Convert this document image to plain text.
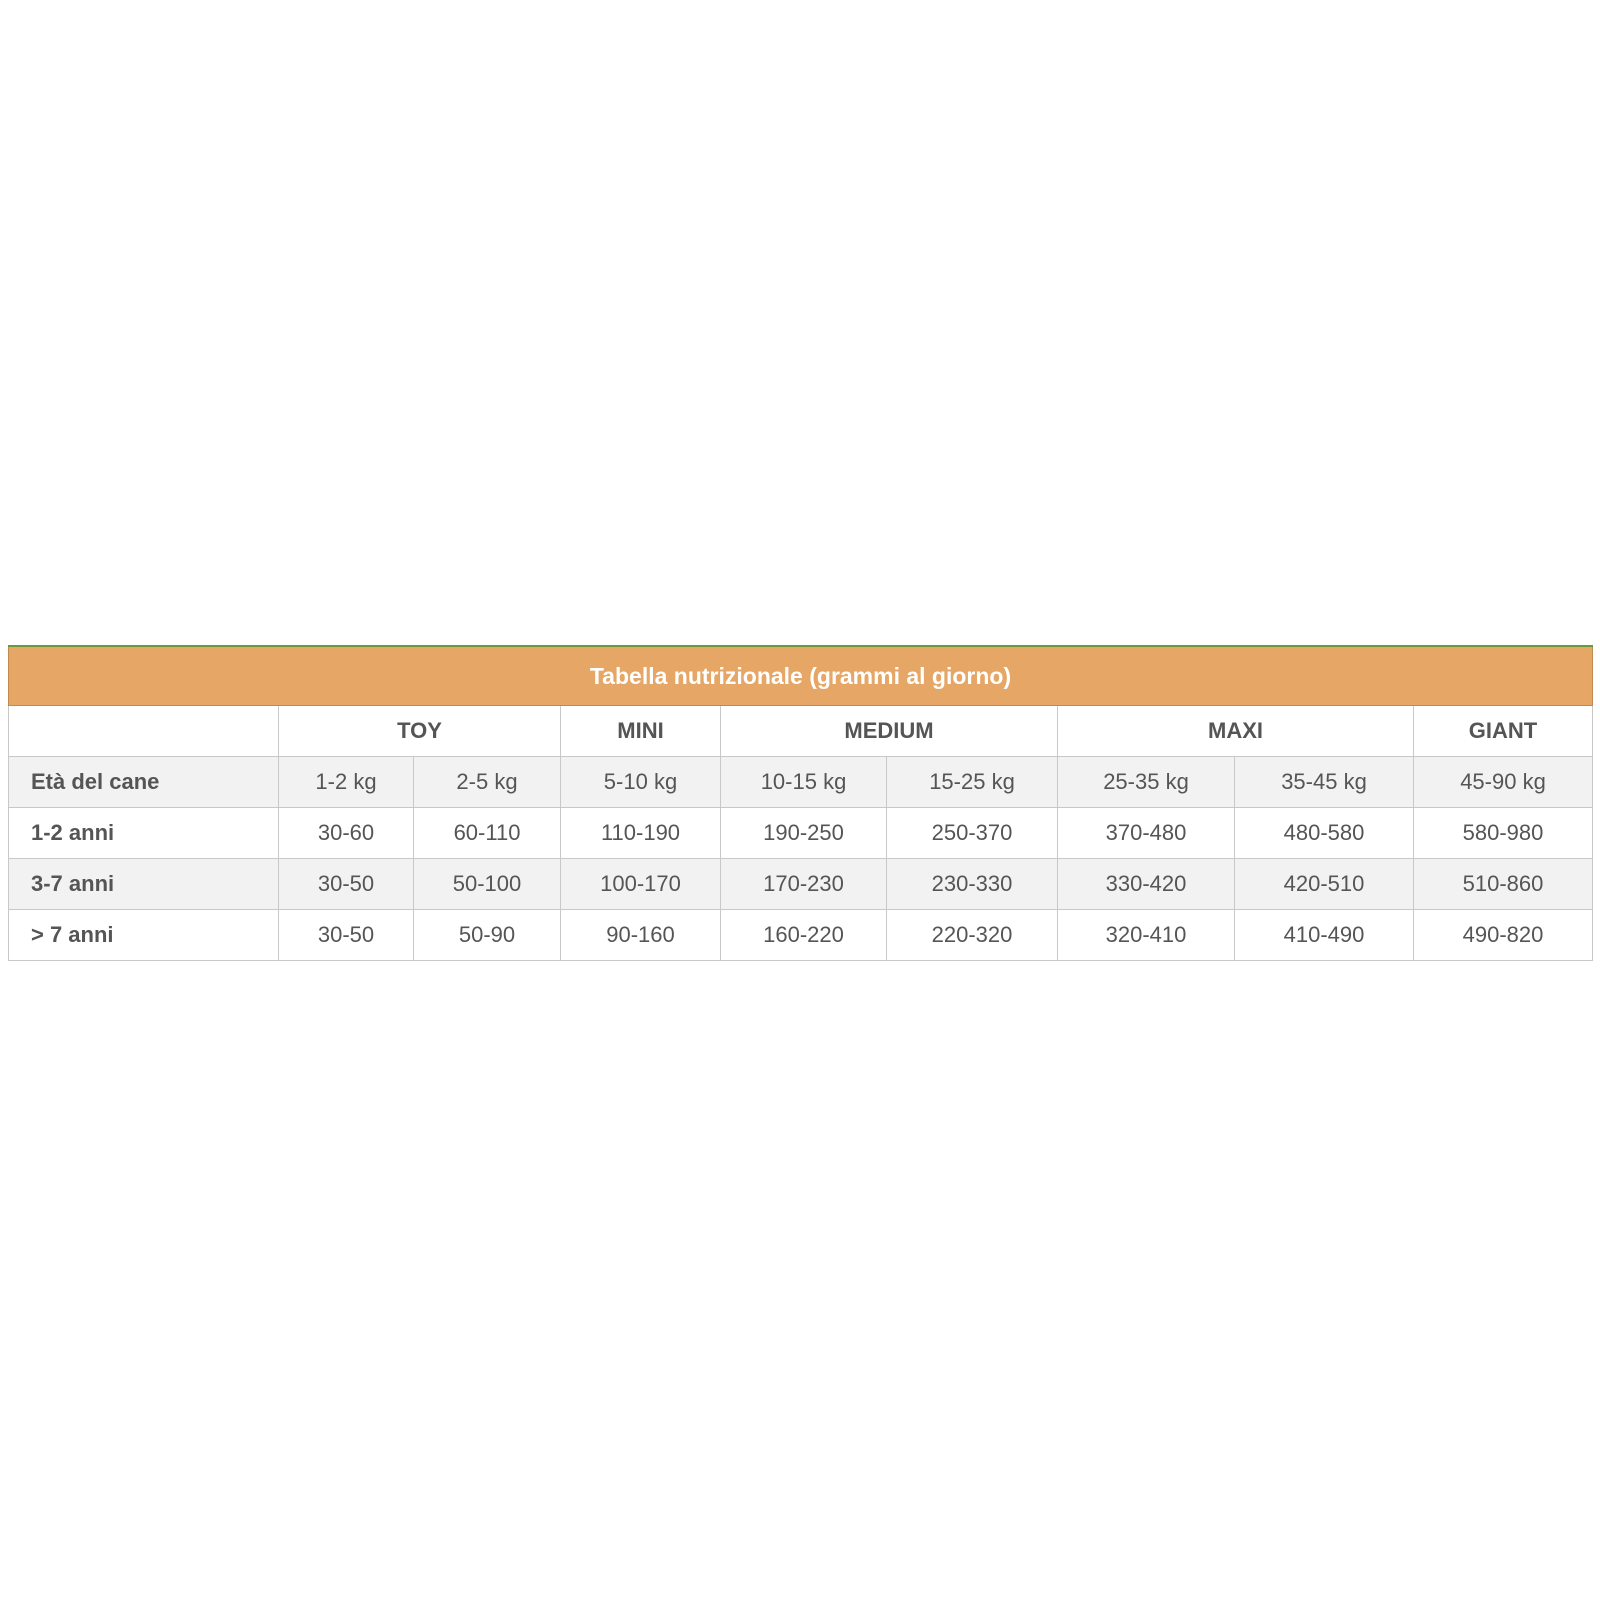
Tabella nutrizionale (grammi al giorno)								
	TOY		MINI	MEDIUM		MAXI		GIANT
Età del cane	1-2 kg	2-5 kg	5-10 kg	10-15 kg	15-25 kg	25-35 kg	35-45 kg	45-90 kg
1-2 anni	30-60	60-110	110-190	190-250	250-370	370-480	480-580	580-980
3-7 anni	30-50	50-100	100-170	170-230	230-330	330-420	420-510	510-860
> 7 anni	30-50	50-90	90-160	160-220	220-320	320-410	410-490	490-820
